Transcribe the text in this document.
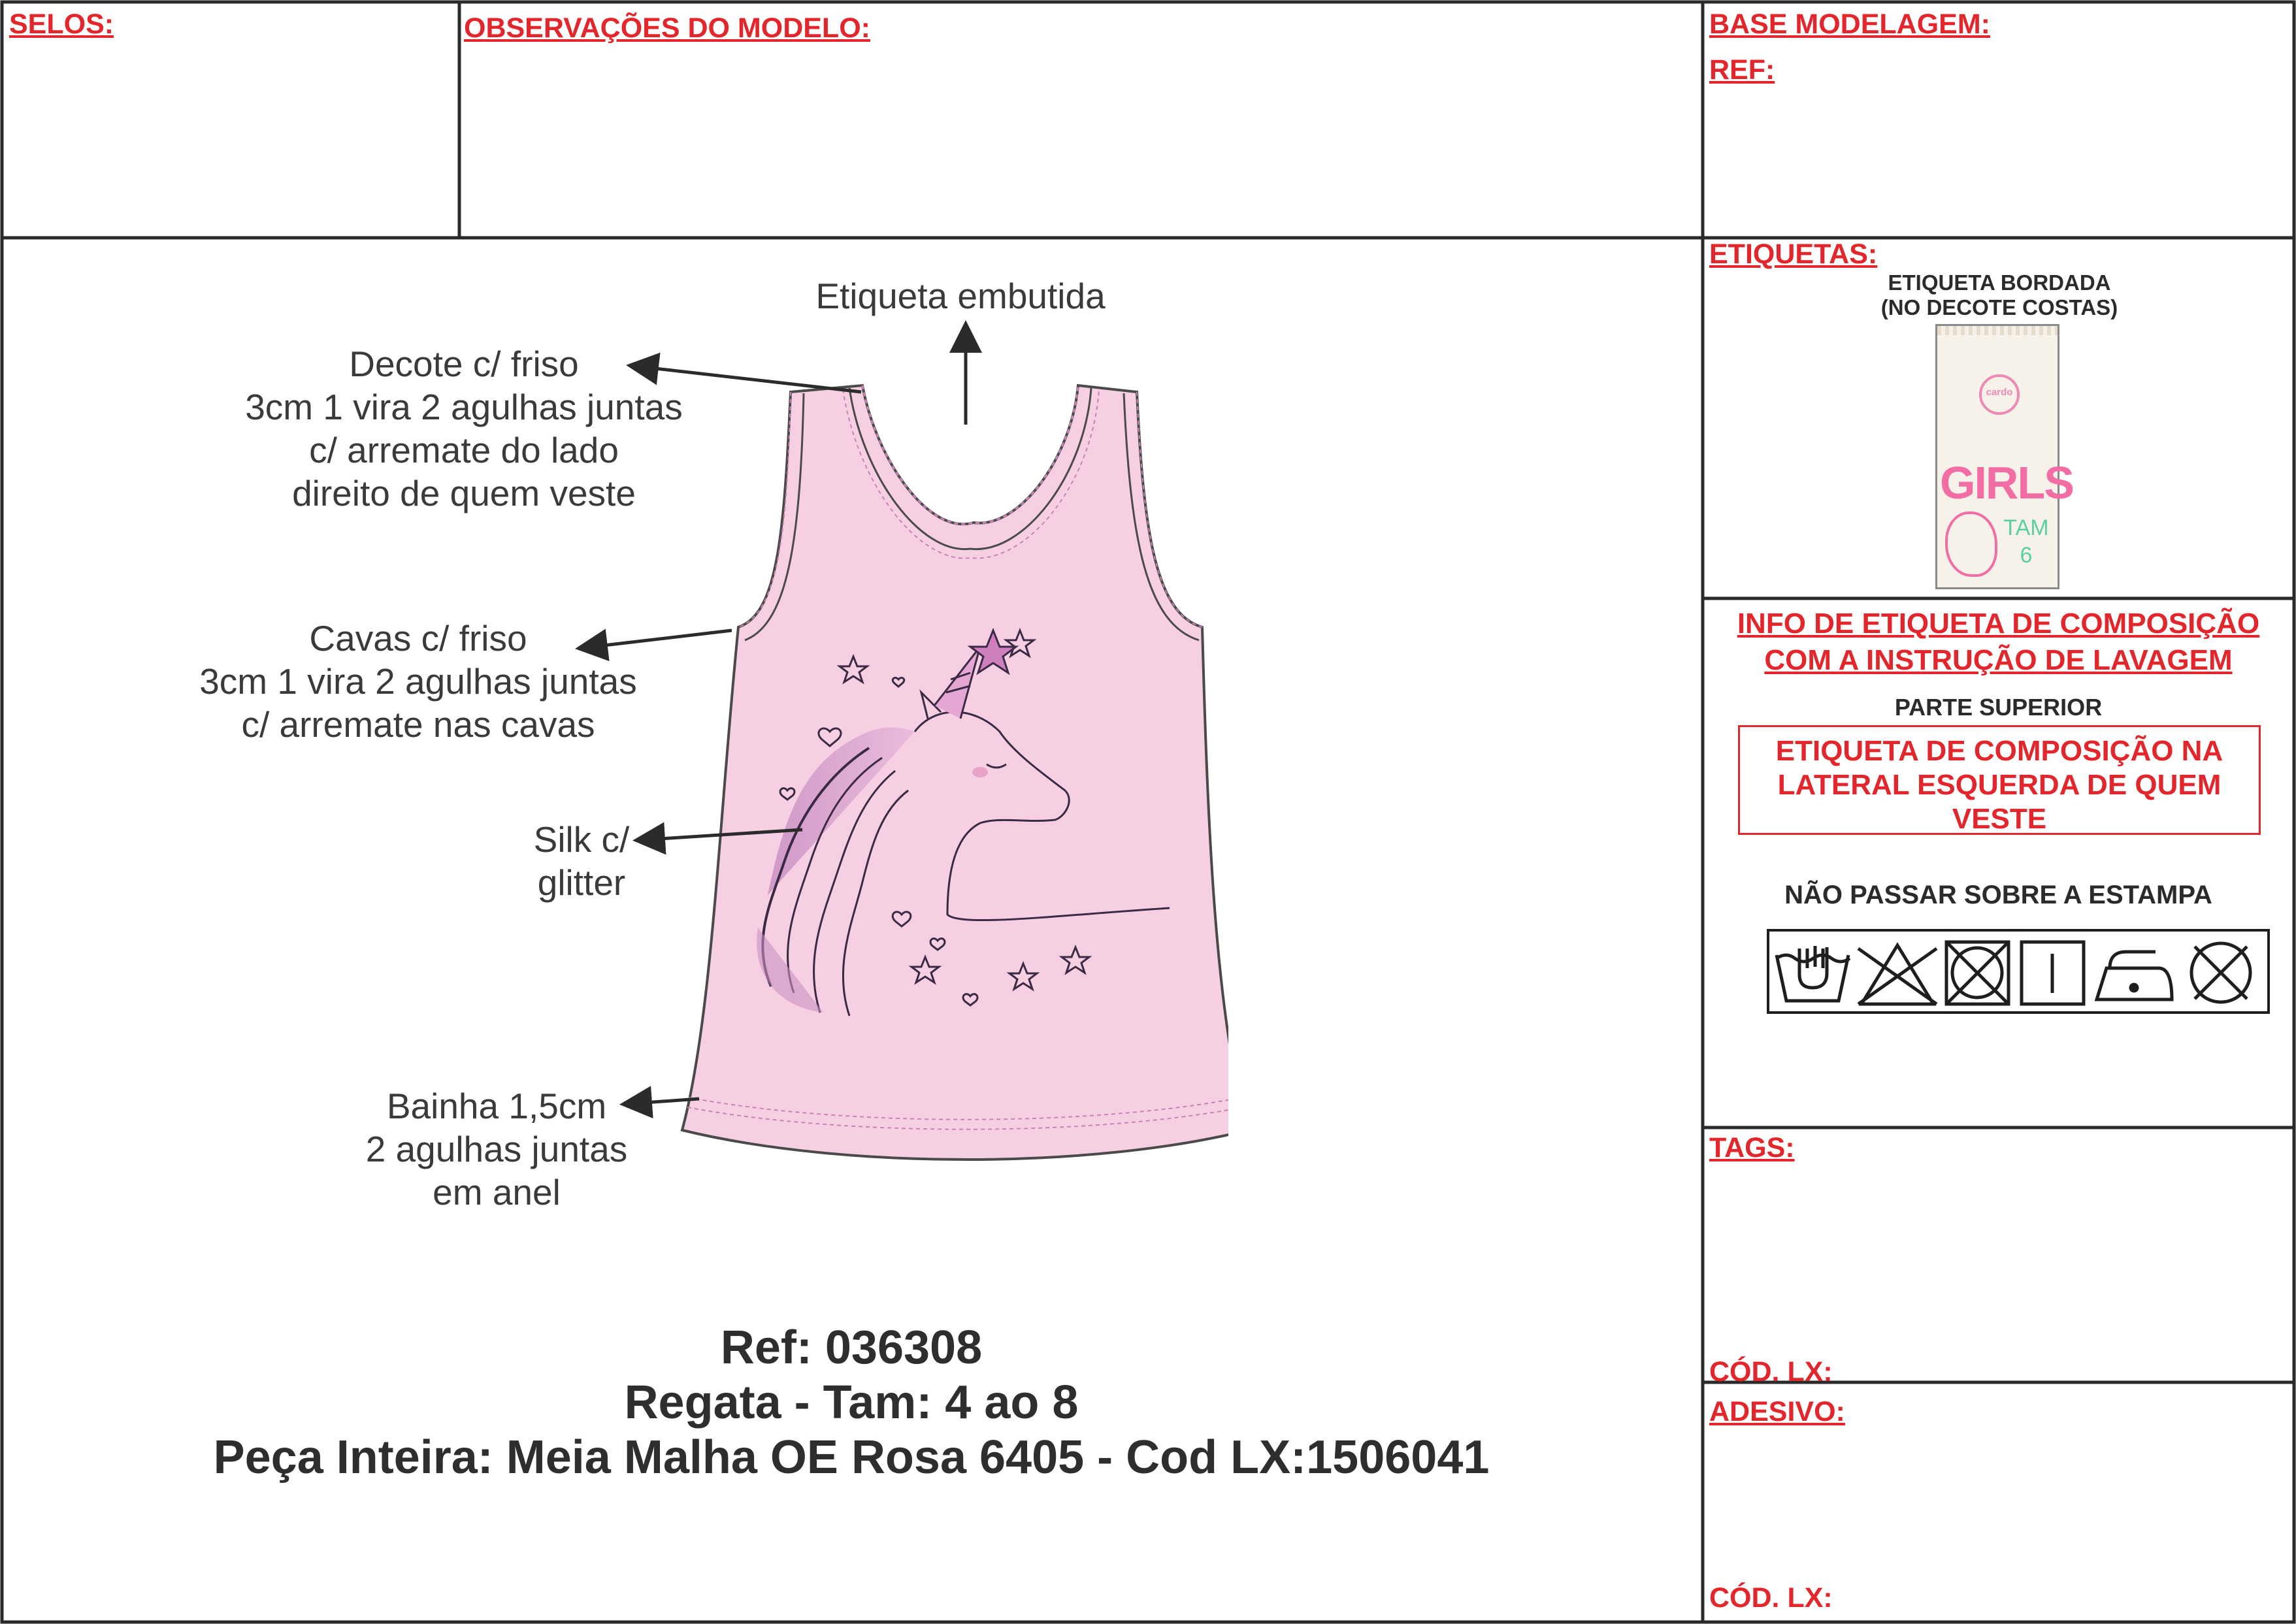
SELOS:	OBSERVAÇÕES DO MODELO:	BASE MODELAGEM:
REF:
Etiqueta embutida
Decote c/ friso
3cm 1 vira 2 agulhas juntas
c/ arremate do lado
direito de quem veste
Cavas c/ friso
3cm 1 vira 2 agulhas juntas
c/ arremate nas cavas
Silk c/
glitter
Bainha 1,5cm
2 agulhas juntas
em anel
Ref: 036308
Regata - Tam: 4 ao 8
Peça Inteira: Meia Malha OE Rosa 6405 - Cod LX:1506041
ETIQUETAS:
ETIQUETA BORDADA
(NO DECOTE COSTAS)
cardo
GIRLS
TAM
6
INFO DE ETIQUETA DE COMPOSIÇÃO
COM A INSTRUÇÃO DE LAVAGEM
PARTE SUPERIOR
ETIQUETA DE COMPOSIÇÃO NA
LATERAL ESQUERDA DE QUEM
VESTE
NÃO PASSAR SOBRE A ESTAMPA
TAGS:
CÓD. LX:
ADESIVO:
CÓD. LX:
